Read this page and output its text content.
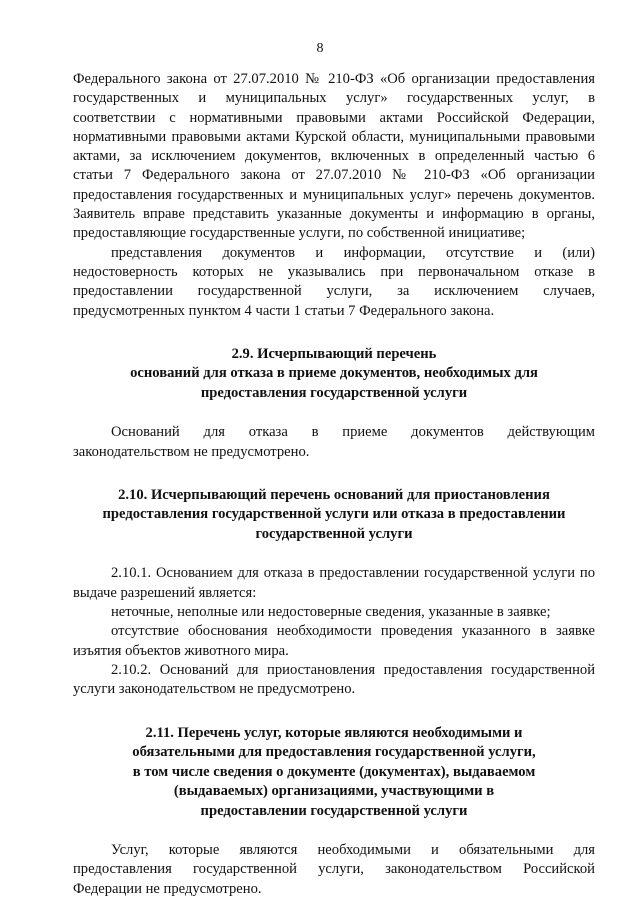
8
Федерального закона от 27.07.2010 № 210-ФЗ «Об организации предоставления
государственных и муниципальных услуг» государственных услуг, в
соответствии с нормативными правовыми актами Российской Федерации,
нормативными правовыми актами Курской области, муниципальными правовыми
актами, за исключением документов, включенных в определенный частью 6
статьи 7 Федерального закона от 27.07.2010 № 210-ФЗ «Об организации
предоставления государственных и муниципальных услуг» перечень документов.
Заявитель вправе представить указанные документы и информацию в органы,
предоставляющие государственные услуги, по собственной инициативе;
представления документов и информации, отсутствие и (или)
недостоверность которых не указывались при первоначальном отказе в
предоставлении государственной услуги, за исключением случаев,
предусмотренных пунктом 4 части 1 статьи 7 Федерального закона.
2.9. Исчерпывающий перечень
оснований для отказа в приеме документов, необходимых для
предоставления государственной услуги
Оснований для отказа в приеме документов действующим
законодательством не предусмотрено.
2.10. Исчерпывающий перечень оснований для приостановления
предоставления государственной услуги или отказа в предоставлении
государственной услуги
2.10.1. Основанием для отказа в предоставлении государственной услуги по
выдаче разрешений является:
неточные, неполные или недостоверные сведения, указанные в заявке;
отсутствие обоснования необходимости проведения указанного в заявке
изъятия объектов животного мира.
2.10.2. Оснований для приостановления предоставления государственной
услуги законодательством не предусмотрено.
2.11. Перечень услуг, которые являются необходимыми и
обязательными для предоставления государственной услуги,
в том числе сведения о документе (документах), выдаваемом
(выдаваемых) организациями, участвующими в
предоставлении государственной услуги
Услуг, которые являются необходимыми и обязательными для
предоставления государственной услуги, законодательством Российской
Федерации не предусмотрено.
